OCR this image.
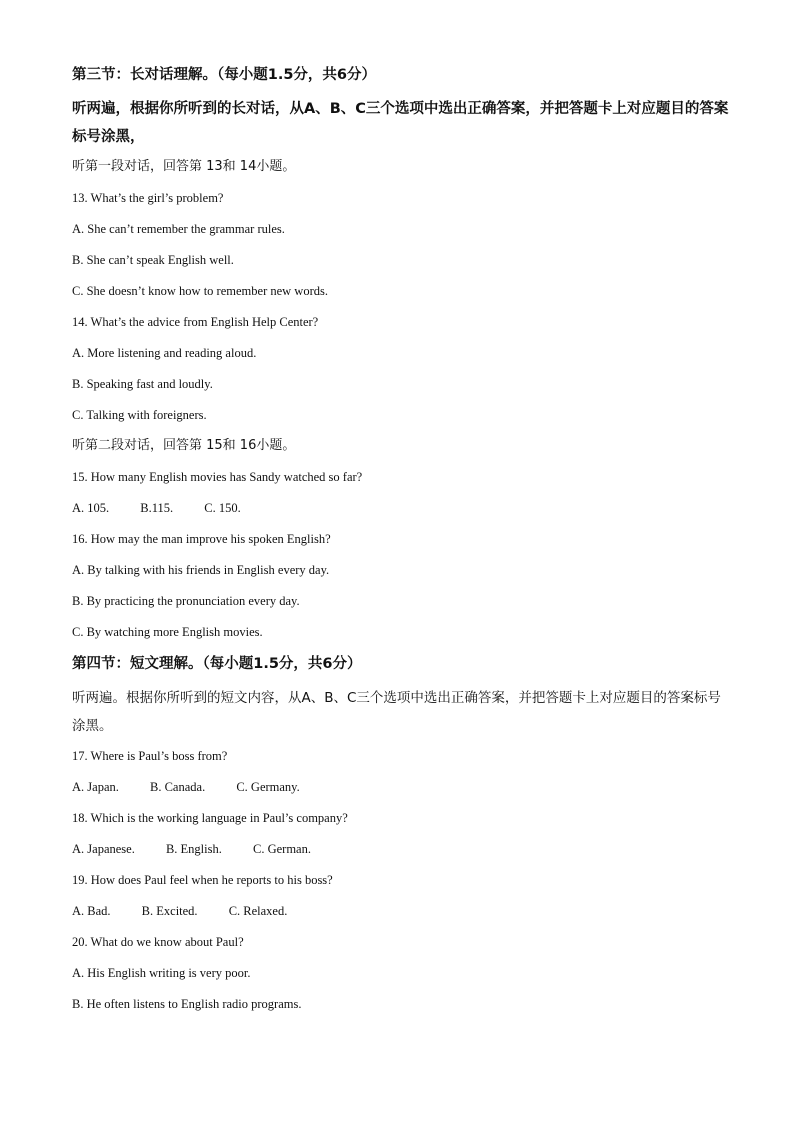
第三节：长对话理解。（每小题1.5分，共6分）
听两遍，根据你所听到的长对话，从A、B、C三个选项中选出正确答案，并把答题卡上对应题目的答案标号涂黑，
听第一段对话，回答第 13和 14小题。
13. What’s the girl’s problem?
A. She can’t remember the grammar rules.
B. She can’t speak English well.
C. She doesn’t know how to remember new words.
14. What’s the advice from English Help Center?
A. More listening and reading aloud.
B. Speaking fast and loudly.
C. Talking with foreigners.
听第二段对话，回答第 15和 16小题。
15. How many English movies has Sandy watched so far?
A. 105. B.115. C. 150.
16. How may the man improve his spoken English?
A. By talking with his friends in English every day.
B. By practicing the pronunciation every day.
C. By watching more English movies.
第四节：短文理解。（每小题1.5分，共6分）
听两遍。根据你所听到的短文内容，从A、B、C三个选项中选出正确答案，并把答题卡上对应题目的答案标号涂黑。
17. Where is Paul’s boss from?
A. Japan. B. Canada. C. Germany.
18. Which is the working language in Paul’s company?
A. Japanese. B. English. C. German.
19. How does Paul feel when he reports to his boss?
A. Bad. B. Excited. C. Relaxed.
20. What do we know about Paul?
A. His English writing is very poor.
B. He often listens to English radio programs.
